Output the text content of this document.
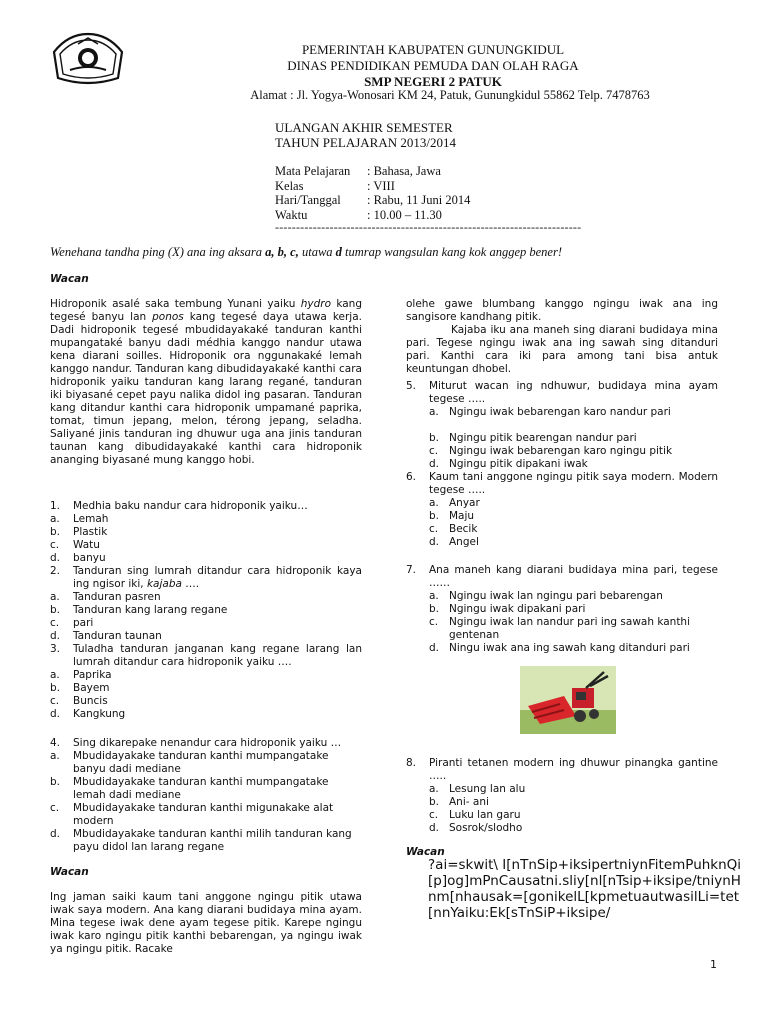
PEMERINTAH KABUPATEN GUNUNGKIDUL
DINAS PENDIDIKAN PEMUDA DAN OLAH RAGA
SMP NEGERI 2 PATUK
Alamat : Jl. Yogya-Wonosari KM 24, Patuk, Gunungkidul 55862 Telp. 7478763
ULANGAN AKHIR SEMESTER
TAHUN PELAJARAN 2013/2014
Mata Pelajaran	: Bahasa, Jawa
Kelas	: VIII
Hari/Tanggal	: Rabu, 11 Juni 2014
Waktu	: 10.00 – 11.30
-------------------------------------------------------------------------
Wenehana tandha ping (X) ana ing aksara a, b, c, utawa d tumrap wangsulan kang kok anggep bener!
Wacan
Hidroponik asalé saka tembung Yunani yaiku hydro kang tegesé banyu lan ponos kang tegesé daya utawa kerja. Dadi hidroponik tegesé mbudidayakaké tanduran kanthi mupangataké banyu dadi médhia kanggo nandur utawa kena diarani soilles. Hidroponik ora nggunakaké lemah kanggo nandur. Tanduran kang dibudidayakaké kanthi cara hidroponik yaiku tanduran kang larang regané, tanduran iki biyasané cepet payu nalika didol ing pasaran. Tanduran kang ditandur kanthi cara hidroponik umpamané paprika, tomat, timun jepang, melon, térong jepang, seladha. Saliyané jinis tanduran ing dhuwur uga ana jinis tanduran taunan kang dibudidayakaké kanthi cara hidroponik ananging biyasané mung kanggo hobi.
1. Medhia baku nandur cara hidroponik yaiku…
a. Lemah
b. Plastik
c. Watu
d. banyu
2. Tanduran sing lumrah ditandur cara hidroponik kaya ing ngisor iki, kajaba ….
a. Tanduran pasren
b. Tanduran kang larang regane
c. pari
d. Tanduran taunan
3. Tuladha tanduran janganan kang regane larang lan lumrah ditandur cara hidroponik yaiku ….
a. Paprika
b. Bayem
c. Buncis
d. Kangkung
4. Sing dikarepake nenandur cara hidroponik yaiku …
a. Mbudidayakake tanduran kanthi mumpangatake banyu dadi mediane
b. Mbudidayakake tanduran kanthi mumpangatake lemah dadi mediane
c. Mbudidayakake tanduran kanthi migunakake alat modern
d. Mbudidayakake tanduran kanthi milih tanduran kang payu didol lan larang regane
Wacan
Ing jaman saiki kaum tani anggone ngingu pitik utawa iwak saya modern. Ana kang diarani budidaya mina ayam. Mina tegese iwak dene ayam tegese pitik. Karepe ngingu iwak karo ngingu pitik kanthi bebarengan, ya ngingu iwak ya ngingu pitik. Racake
olehe gawe blumbang kanggo ngingu iwak ana ing sangisore kandhang pitik.
Kajaba iku ana maneh sing diarani budidaya mina pari. Tegese ngingu iwak ana ing sawah sing ditanduri pari. Kanthi cara iki para among tani bisa antuk keuntungan dhobel.
5. Miturut wacan ing ndhuwur, budidaya mina ayam tegese …..
a. Ngingu iwak bebarengan karo nandur pari
b. Ngingu pitik bearengan nandur pari
c. Ngingu iwak bebarengan karo ngingu pitik
d. Ngingu pitik dipakani iwak
6. Kaum tani anggone ngingu pitik saya modern. Modern tegese …..
a. Anyar
b. Maju
c. Becik
d. Angel
7. Ana maneh kang diarani budidaya mina pari, tegese ……
a. Ngingu iwak lan ngingu pari bebarengan
b. Ngingu iwak dipakani pari
c. Ngingu iwak lan nandur pari ing sawah kanthi gentenan
d. Ningu iwak ana ing sawah kang ditanduri pari
8. Piranti tetanen modern ing dhuwur pinangka gantine …..
a. Lesung lan alu
b. Ani- ani
c. Luku lan garu
d. Sosrok/slodho
Wacan
?ai=skwit\ I[nTnSip+iksipertniynFitemPuhknQi[p]og]mPnCausatni.sliy[nl[nTsip+iksipe/tniynHnm[nhausak=[gonikelL[kpmetuautwasilLi=tet[nnYaiku:Ek[sTnSiP+iksipe/
1
